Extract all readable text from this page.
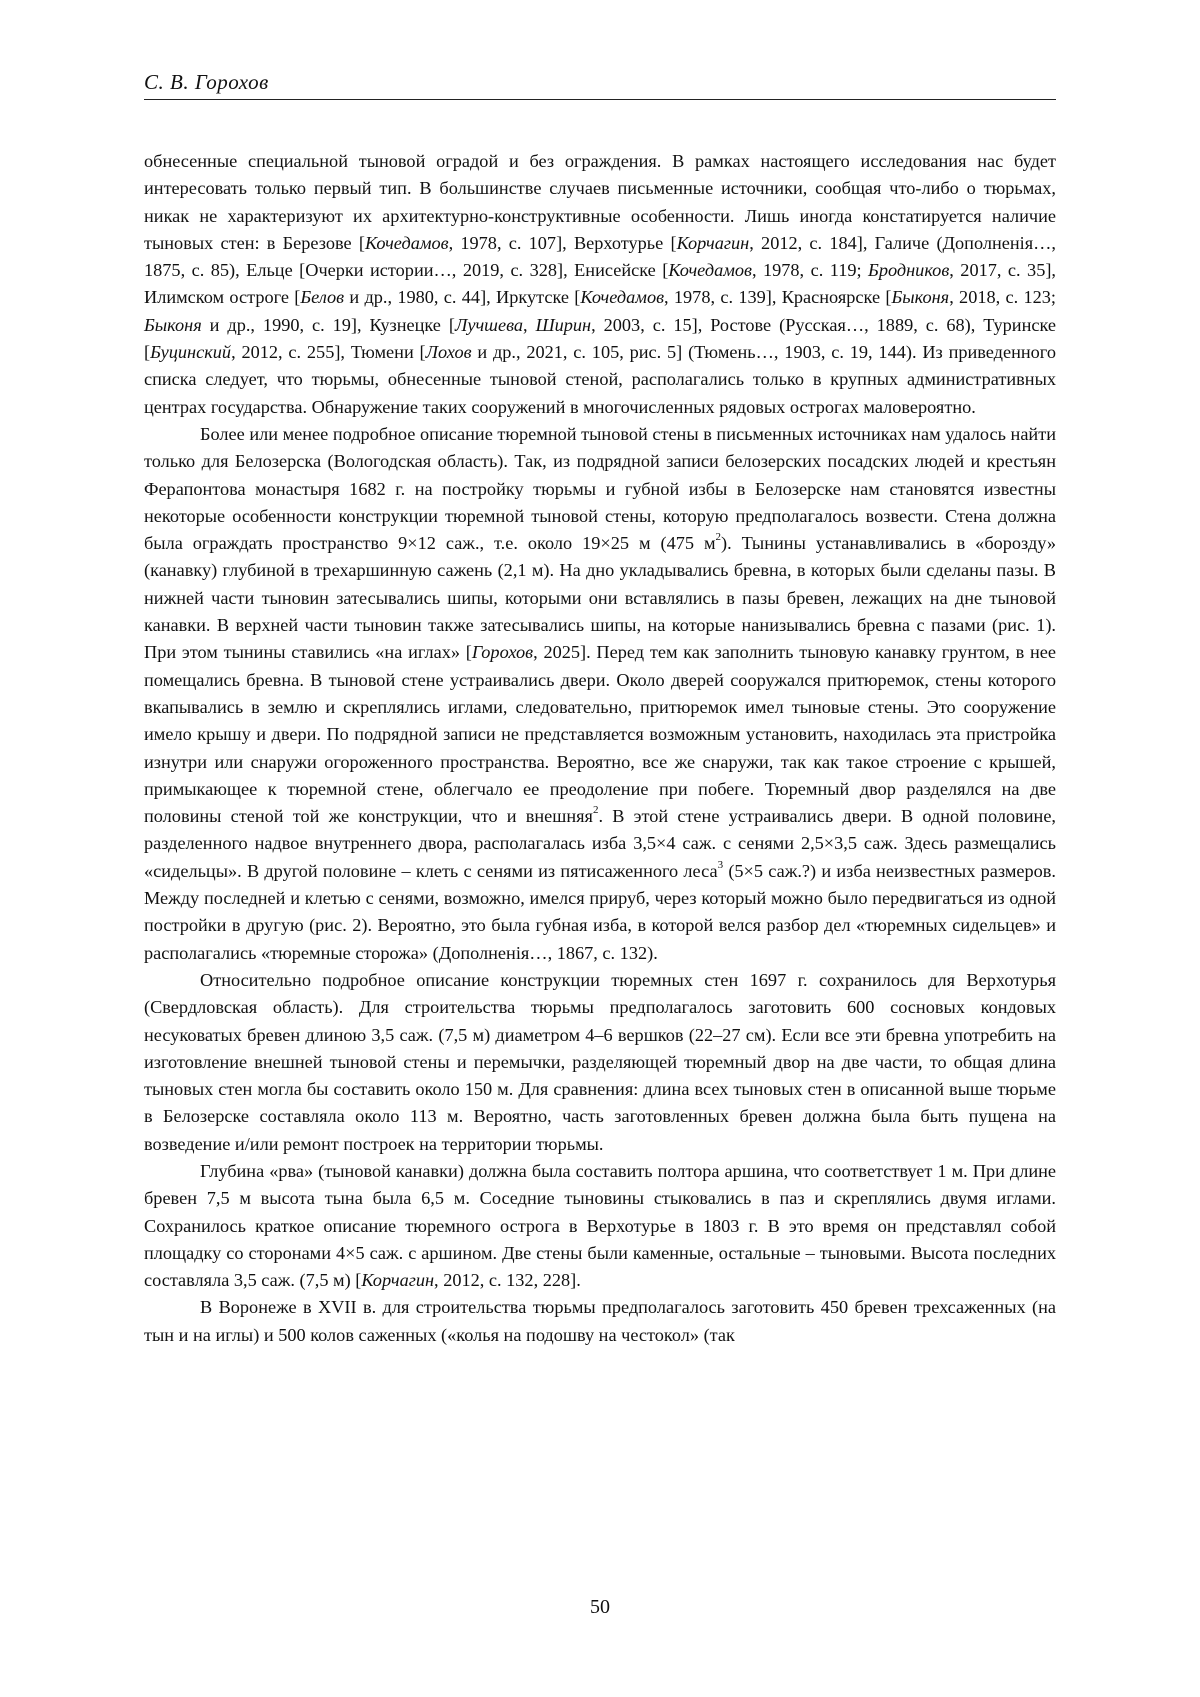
С. В. Горохов

обнесенные специальной тыновой оградой и без ограждения. В рамках настоящего исследования нас будет интересовать только первый тип. В большинстве случаев письменные источники, сообщая что-либо о тюрьмах, никак не характеризуют их архитектурно-конструктивные особенности. Лишь иногда констатируется наличие тыновых стен: в Березове [Кочедамов, 1978, с. 107], Верхотурье [Корчагин, 2012, с. 184], Галиче (Дополненія…, 1875, с. 85), Ельце [Очерки истории…, 2019, с. 328], Енисейске [Кочедамов, 1978, с. 119; Бродников, 2017, с. 35], Илимском остроге [Белов и др., 1980, с. 44], Иркутске [Кочедамов, 1978, с. 139], Красноярске [Быконя, 2018, с. 123; Быконя и др., 1990, с. 19], Кузнецке [Лучшева, Ширин, 2003, с. 15], Ростове (Русская…, 1889, с. 68), Туринске [Буцинский, 2012, с. 255], Тюмени [Лохов и др., 2021, с. 105, рис. 5] (Тюмень…, 1903, с. 19, 144). Из приведенного списка следует, что тюрьмы, обнесенные тыновой стеной, располагались только в крупных административных центрах государства. Обнаружение таких сооружений в многочисленных рядовых острогах маловероятно.

Более или менее подробное описание тюремной тыновой стены в письменных источниках нам удалось найти только для Белозерска (Вологодская область). Так, из подрядной записи белозерских посадских людей и крестьян Ферапонтова монастыря 1682 г. на постройку тюрьмы и губной избы в Белозерске нам становятся известны некоторые особенности конструкции тюремной тыновой стены, которую предполагалось возвести. Стена должна была ограждать пространство 9×12 саж., т.е. около 19×25 м (475 $м^2$). Тынины устанавливались в «борозду» (канавку) глубиной в трехаршинную сажень (2,1 м). На дно укладывались бревна, в которых были сделаны пазы. В нижней части тыновин затесывались шипы, которыми они вставлялись в пазы бревен, лежащих на дне тыновой канавки. В верхней части тыновин также затесывались шипы, на которые нанизывались бревна с пазами (рис. 1). При этом тынины ставились «на иглах» [Горохов, 2025]. Перед тем как заполнить тыновую канавку грунтом, в нее помещались бревна. В тыновой стене устраивались двери. Около дверей сооружался притюремок, стены которого вкапывались в землю и скреплялись иглами, следовательно, притюремок имел тыновые стены. Это сооружение имело крышу и двери. По подрядной записи не представляется возможным установить, находилась эта пристройка изнутри или снаружи огороженного пространства. Вероятно, все же снаружи, так как такое строение с крышей, примыкающее к тюремной стене, облегчало ее преодоление при побеге. Тюремный двор разделялся на две половины стеной той же конструкции, что и внешняя$^2$. В этой стене устраивались двери. В одной половине, разделенного надвое внутреннего двора, располагалась изба 3,5×4 саж. с сенями 2,5×3,5 саж. Здесь размещались «сидельцы». В другой половине – клеть с сенями из пятисаженного леса$^3$ (5×5 саж.?) и изба неизвестных размеров. Между последней и клетью с сенями, возможно, имелся прируб, через который можно было передвигаться из одной постройки в другую (рис. 2). Вероятно, это была губная изба, в которой велся разбор дел «тюремных сидельцев» и располагались «тюремные сторожа» (Дополненія…, 1867, с. 132).

Относительно подробное описание конструкции тюремных стен 1697 г. сохранилось для Верхотурья (Свердловская область). Для строительства тюрьмы предполагалось заготовить 600 сосновых кондовых несуковатых бревен длиною 3,5 саж. (7,5 м) диаметром 4–6 вершков (22–27 см). Если все эти бревна употребить на изготовление внешней тыновой стены и перемычки, разделяющей тюремный двор на две части, то общая длина тыновых стен могла бы составить около 150 м. Для сравнения: длина всех тыновых стен в описанной выше тюрьме в Белозерске составляла около 113 м. Вероятно, часть заготовленных бревен должна была быть пущена на возведение и/или ремонт построек на территории тюрьмы.

Глубина «рва» (тыновой канавки) должна была составить полтора аршина, что соответствует 1 м. При длине бревен 7,5 м высота тына была 6,5 м. Соседние тыновины стыковались в паз и скреплялись двумя иглами. Сохранилось краткое описание тюремного острога в Верхотурье в 1803 г. В это время он представлял собой площадку со сторонами 4×5 саж. с аршином. Две стены были каменные, остальные – тыновыми. Высота последних составляла 3,5 саж. (7,5 м) [Корчагин, 2012, с. 132, 228].

В Воронеже в XVII в. для строительства тюрьмы предполагалось заготовить 450 бревен трехсаженных (на тын и на иглы) и 500 колов саженных («колья на подошву на честокол» (так

50
